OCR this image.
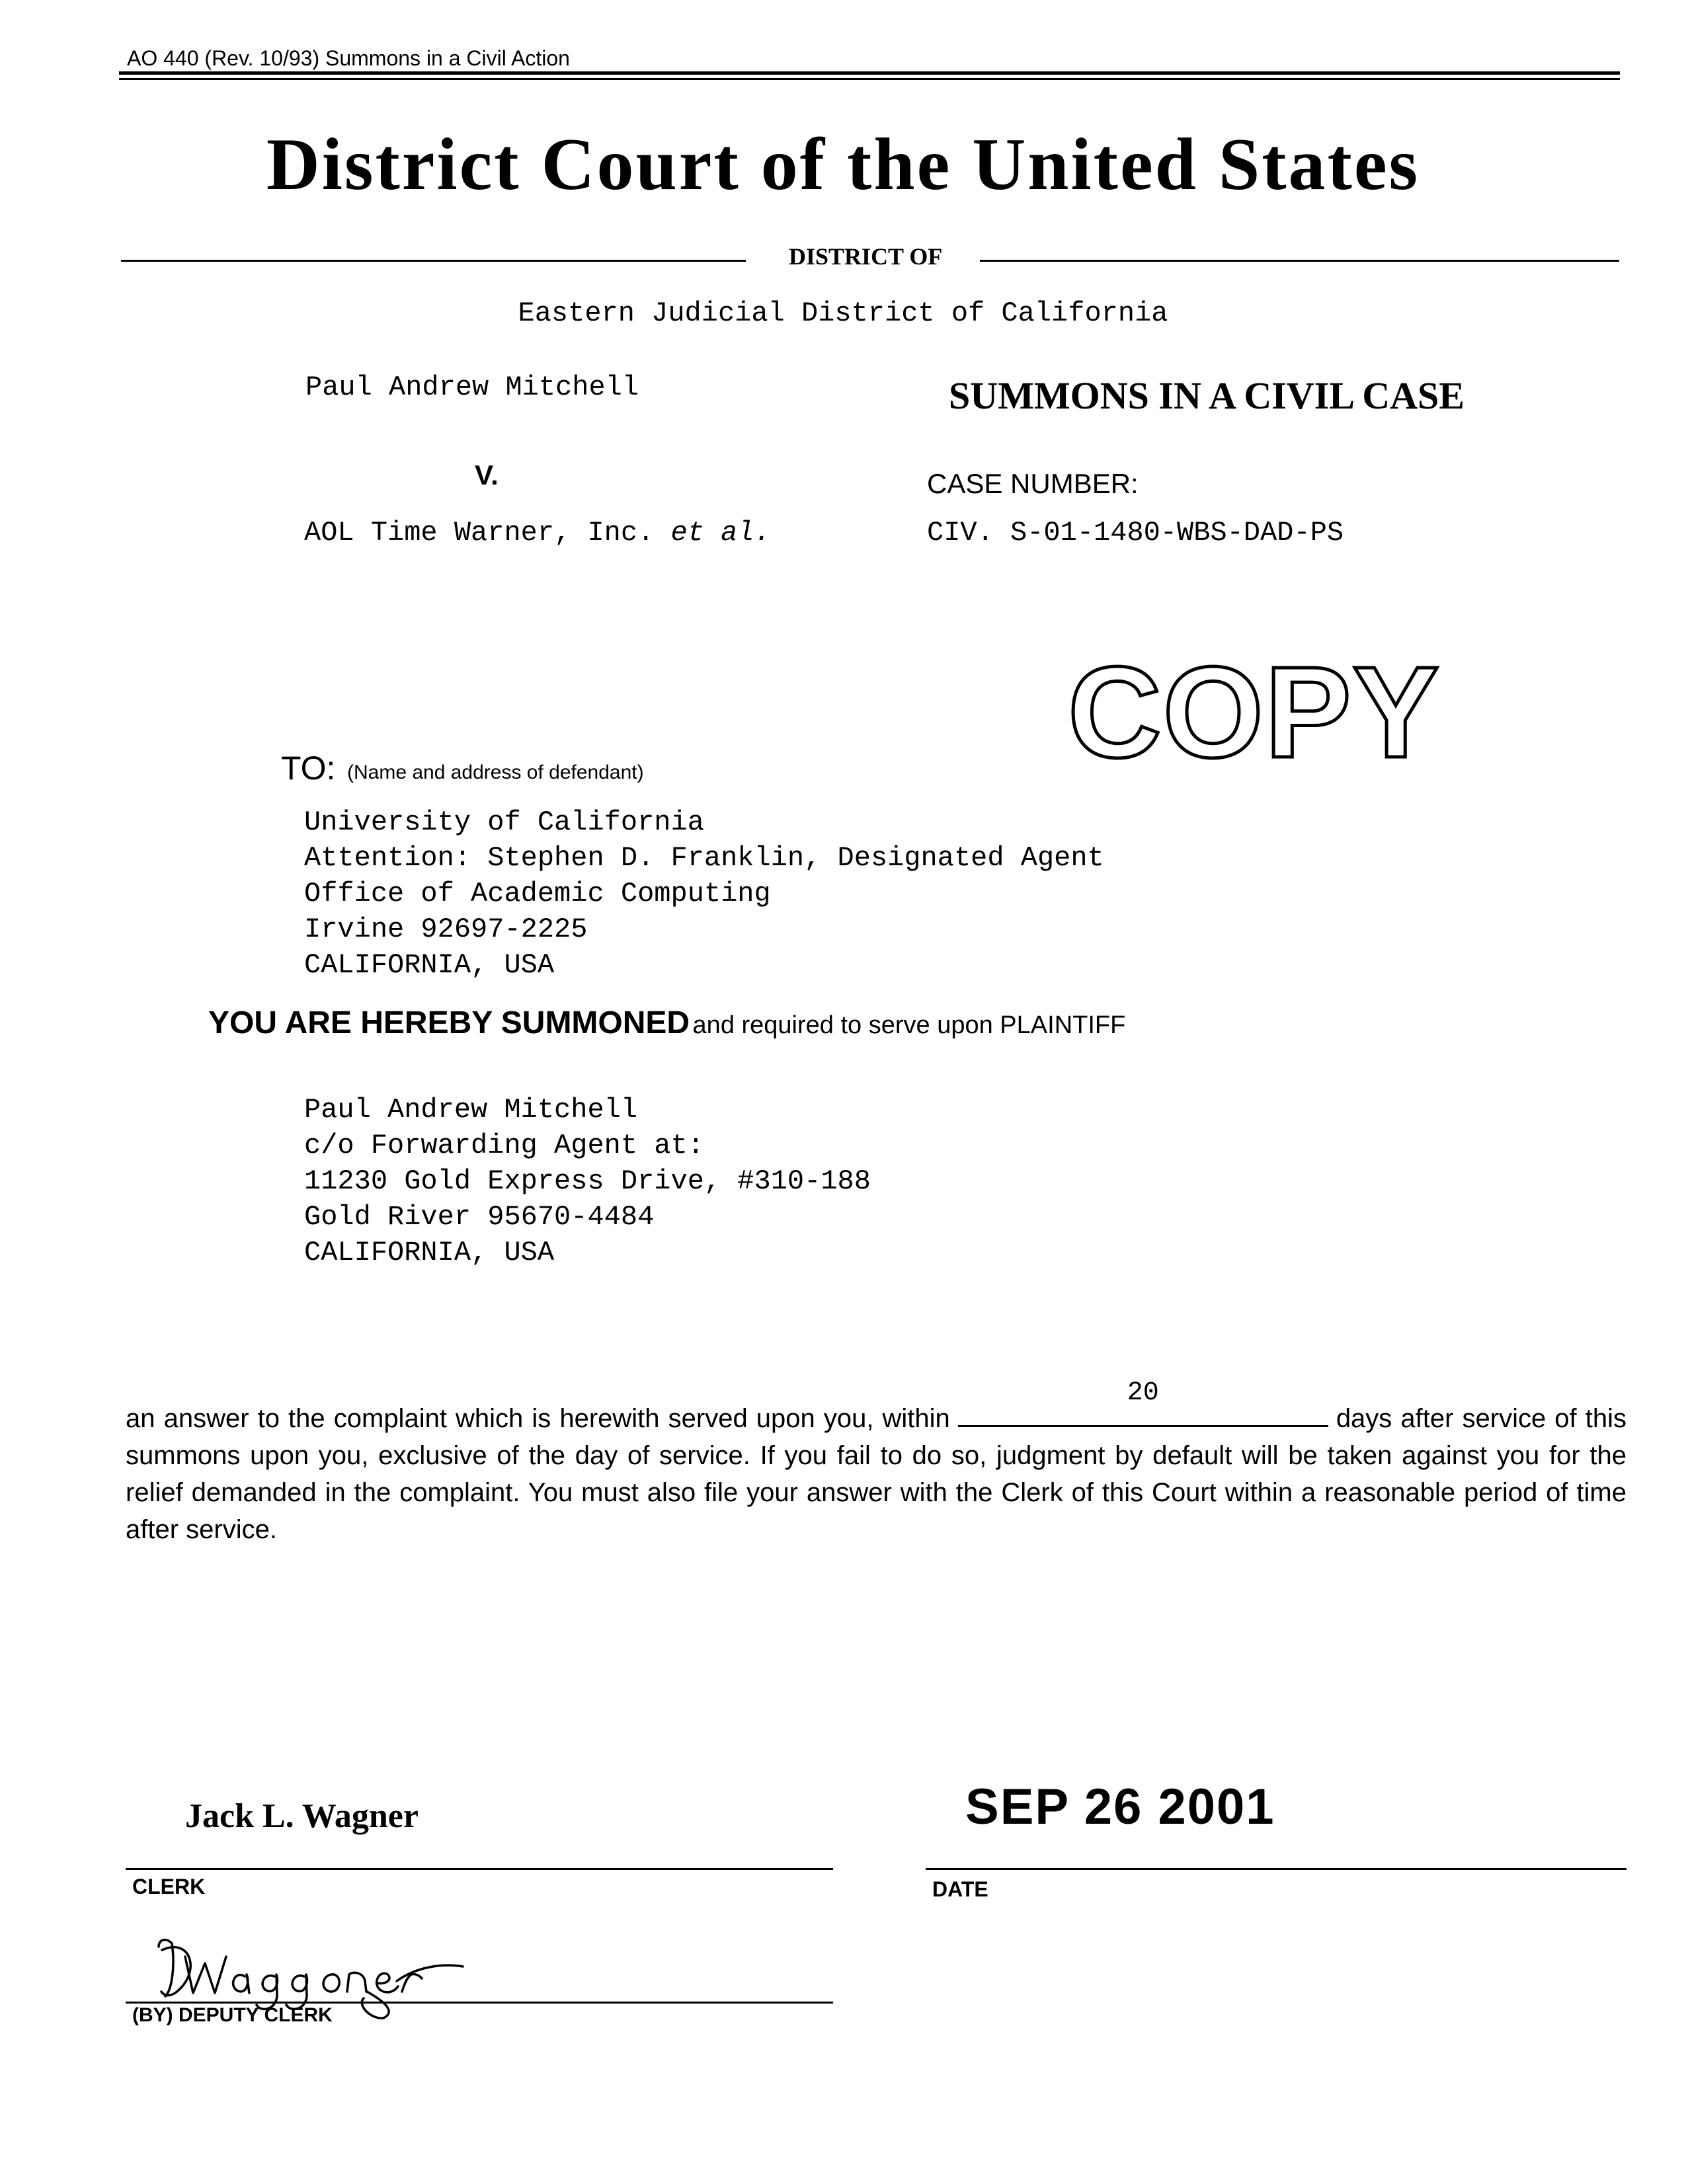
AO 440 (Rev. 10/93) Summons in a Civil Action
District Court of the United States
DISTRICT OF
Eastern Judicial District of California
Paul Andrew Mitchell	SUMMONS IN A CIVIL CASE
V.	CASE NUMBER:
AOL Time Warner, Inc. et al.	CIV. S-01-1480-WBS-DAD-PS
COPY
TO: (Name and address of defendant)
University of California
Attention: Stephen D. Franklin, Designated Agent
Office of Academic Computing
Irvine 92697-2225
CALIFORNIA, USA
YOU ARE HEREBY SUMMONED and required to serve upon PLAINTIFF
Paul Andrew Mitchell
c/o Forwarding Agent at:
11230 Gold Express Drive, #310-188
Gold River 95670-4484
CALIFORNIA, USA
an answer to the complaint which is herewith served upon you, within
20
days after service of this summons upon you, exclusive of the day of service. If you fail to do so, judgment by default will be taken against you for the relief demanded in the complaint. You must also file your answer with the Clerk of this Court within a reasonable period of time after service.
Jack L. Wagner
CLERK
SEP 26 2001
DATE
(BY) DEPUTY CLERK
